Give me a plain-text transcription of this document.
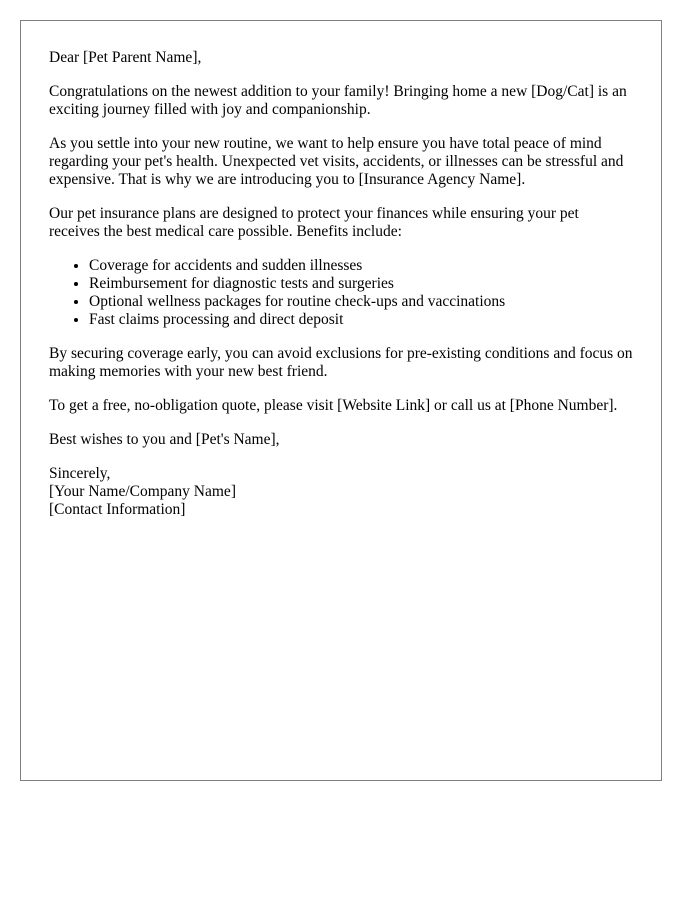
Dear [Pet Parent Name],

Congratulations on the newest addition to your family! Bringing home a new [Dog/Cat] is an exciting journey filled with joy and companionship.

As you settle into your new routine, we want to help ensure you have total peace of mind regarding your pet's health. Unexpected vet visits, accidents, or illnesses can be stressful and expensive. That is why we are introducing you to [Insurance Agency Name].

Our pet insurance plans are designed to protect your finances while ensuring your pet receives the best medical care possible. Benefits include:

• Coverage for accidents and sudden illnesses
• Reimbursement for diagnostic tests and surgeries
• Optional wellness packages for routine check-ups and vaccinations
• Fast claims processing and direct deposit

By securing coverage early, you can avoid exclusions for pre-existing conditions and focus on making memories with your new best friend.

To get a free, no-obligation quote, please visit [Website Link] or call us at [Phone Number].

Best wishes to you and [Pet's Name],

Sincerely,
[Your Name/Company Name]
[Contact Information]
